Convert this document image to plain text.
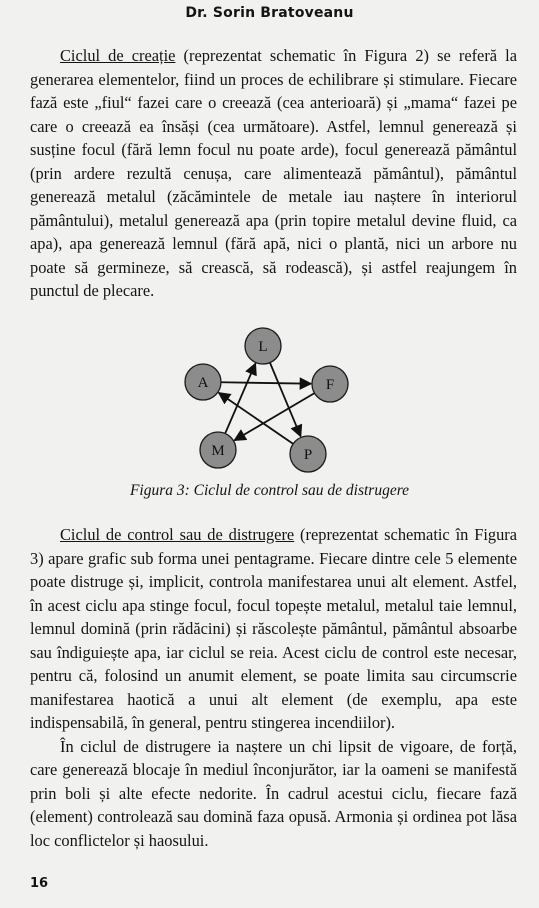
Dr. Sorin Bratoveanu

Ciclul de creație (reprezentat schematic în Figura 2) se referă la generarea elementelor, fiind un proces de echilibrare și stimulare. Fiecare fază este „fiul“ fazei care o creează (cea anterioară) și „mama“ fazei pe care o creează ea însăși (cea următoare). Astfel, lemnul generează și susține focul (fără lemn focul nu poate arde), focul generează pământul (prin ardere rezultă cenușa, care alimentează pământul), pământul generează metalul (zăcămintele de metale iau naștere în interiorul pământului), metalul generează apa (prin topire metalul devine fluid, ca apa), apa generează lemnul (fără apă, nici o plantă, nici un arbore nu poate să germineze, să crească, să rodească), și astfel reajungem în punctul de plecare.

L
F
P
M
A
Figura 3: Ciclul de control sau de distrugere

Ciclul de control sau de distrugere (reprezentat schematic în Figura 3) apare grafic sub forma unei pentagrame. Fiecare dintre cele 5 elemente poate distruge și, implicit, controla manifestarea unui alt element. Astfel, în acest ciclu apa stinge focul, focul topește metalul, metalul taie lemnul, lemnul domină (prin rădăcini) și răscolește pământul, pământul absoarbe sau îndiguiește apa, iar ciclul se reia. Acest ciclu de control este necesar, pentru că, folosind un anumit element, se poate limita sau circumscrie manifestarea haotică a unui alt element (de exemplu, apa este indispensabilă, în general, pentru stingerea incendiilor).

În ciclul de distrugere ia naștere un chi lipsit de vigoare, de forță, care generează blocaje în mediul înconjurător, iar la oameni se manifestă prin boli și alte efecte nedorite. În cadrul acestui ciclu, fiecare fază (element) controlează sau domină faza opusă. Armonia și ordinea pot lăsa loc conflictelor și haosului.

16
